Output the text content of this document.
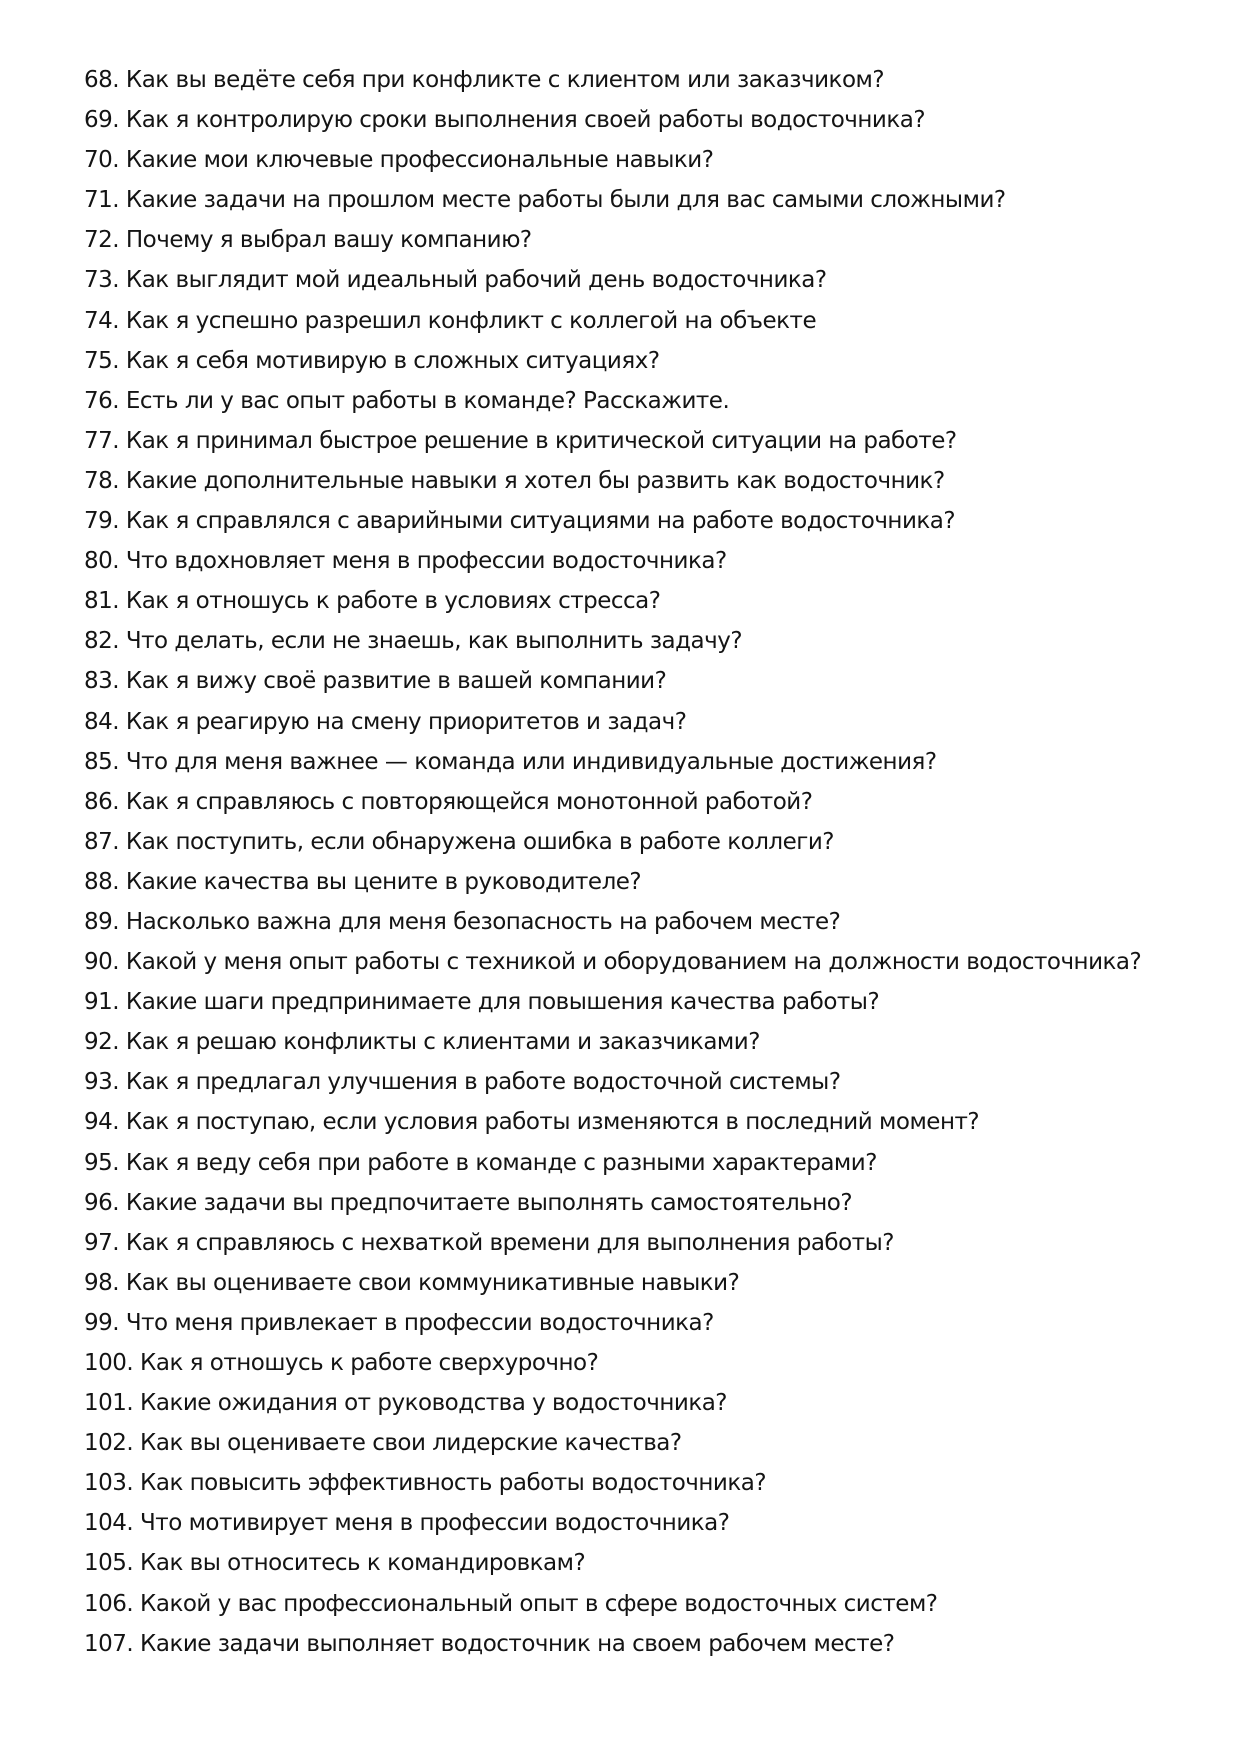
68. Как вы ведёте себя при конфликте с клиентом или заказчиком?
69. Как я контролирую сроки выполнения своей работы водосточника?
70. Какие мои ключевые профессиональные навыки?
71. Какие задачи на прошлом месте работы были для вас самыми сложными?
72. Почему я выбрал вашу компанию?
73. Как выглядит мой идеальный рабочий день водосточника?
74. Как я успешно разрешил конфликт с коллегой на объекте
75. Как я себя мотивирую в сложных ситуациях?
76. Есть ли у вас опыт работы в команде? Расскажите.
77. Как я принимал быстрое решение в критической ситуации на работе?
78. Какие дополнительные навыки я хотел бы развить как водосточник?
79. Как я справлялся с аварийными ситуациями на работе водосточника?
80. Что вдохновляет меня в профессии водосточника?
81. Как я отношусь к работе в условиях стресса?
82. Что делать, если не знаешь, как выполнить задачу?
83. Как я вижу своё развитие в вашей компании?
84. Как я реагирую на смену приоритетов и задач?
85. Что для меня важнее — команда или индивидуальные достижения?
86. Как я справляюсь с повторяющейся монотонной работой?
87. Как поступить, если обнаружена ошибка в работе коллеги?
88. Какие качества вы цените в руководителе?
89. Насколько важна для меня безопасность на рабочем месте?
90. Какой у меня опыт работы с техникой и оборудованием на должности водосточника?
91. Какие шаги предпринимаете для повышения качества работы?
92. Как я решаю конфликты с клиентами и заказчиками?
93. Как я предлагал улучшения в работе водосточной системы?
94. Как я поступаю, если условия работы изменяются в последний момент?
95. Как я веду себя при работе в команде с разными характерами?
96. Какие задачи вы предпочитаете выполнять самостоятельно?
97. Как я справляюсь с нехваткой времени для выполнения работы?
98. Как вы оцениваете свои коммуникативные навыки?
99. Что меня привлекает в профессии водосточника?
100. Как я отношусь к работе сверхурочно?
101. Какие ожидания от руководства у водосточника?
102. Как вы оцениваете свои лидерские качества?
103. Как повысить эффективность работы водосточника?
104. Что мотивирует меня в профессии водосточника?
105. Как вы относитесь к командировкам?
106. Какой у вас профессиональный опыт в сфере водосточных систем?
107. Какие задачи выполняет водосточник на своем рабочем месте?
